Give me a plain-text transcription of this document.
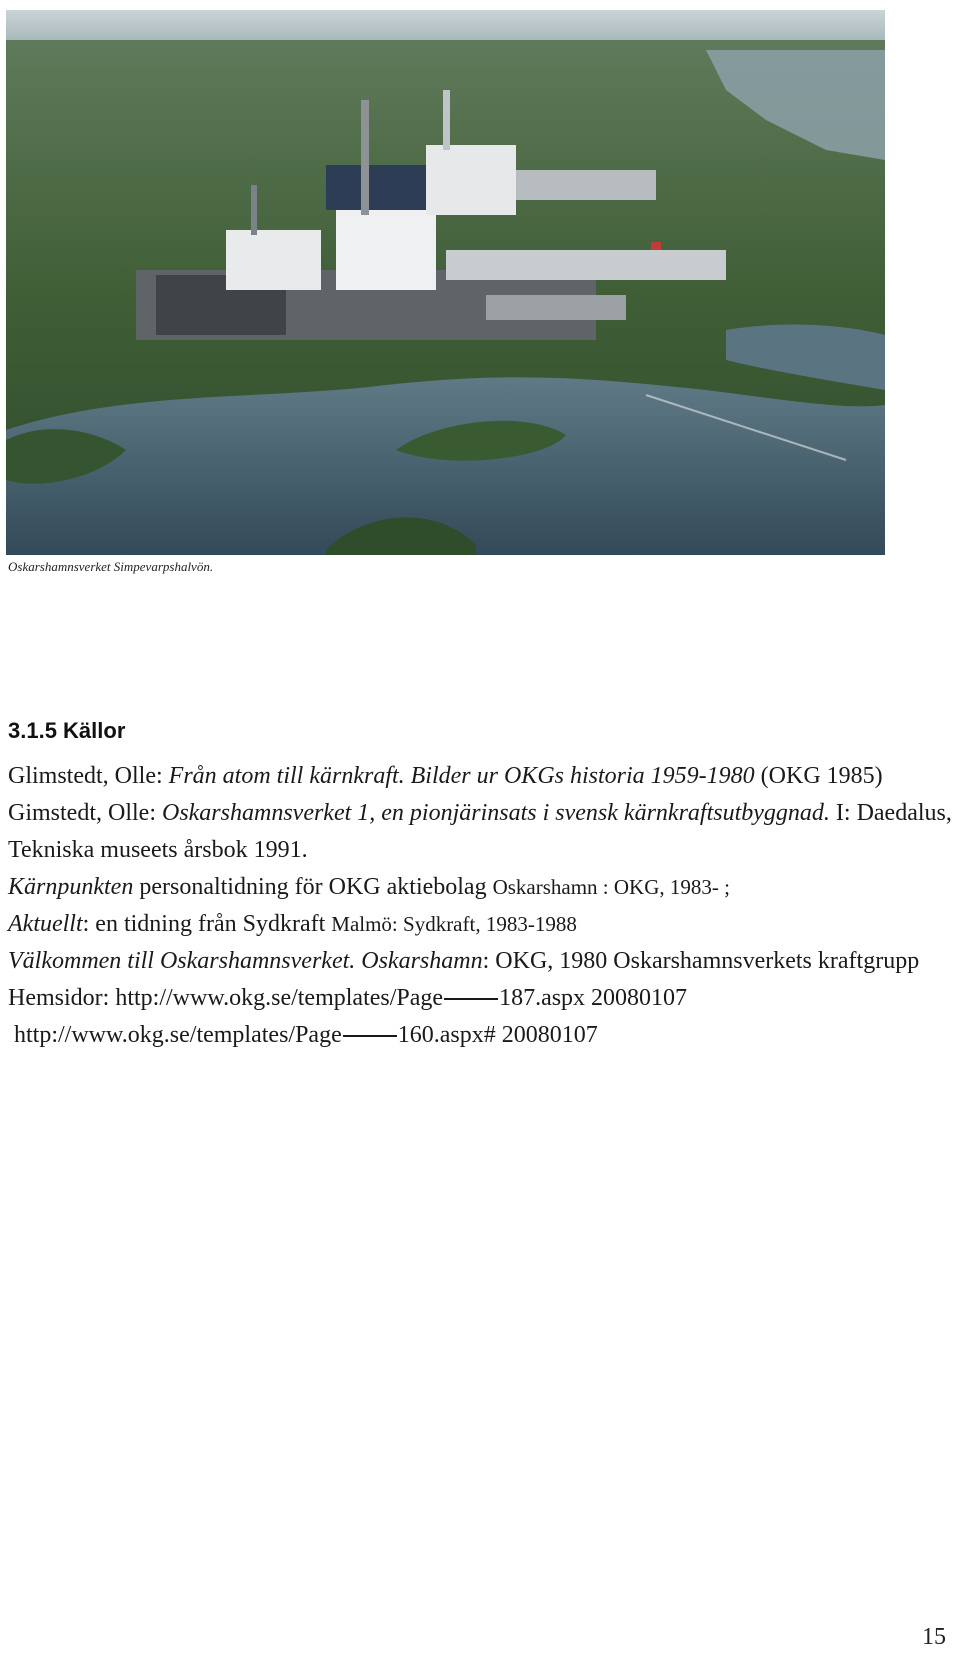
Oskarshamnsverket Simpevarpshalvön.
3.1.5 Källor
Glimstedt, Olle: Från atom till kärnkraft. Bilder ur OKGs historia 1959-1980 (OKG 1985)
Gimstedt, Olle: Oskarshamnsverket 1, en pionjärinsats i svensk kärnkraftsutbyggnad. I: Daedalus, Tekniska museets årsbok 1991.
Kärnpunkten personaltidning för OKG aktiebolag Oskarshamn : OKG, 1983- ;
Aktuellt: en tidning från Sydkraft Malmö: Sydkraft, 1983-1988
Välkommen till Oskarshamnsverket. Oskarshamn: OKG, 1980 Oskarshamnsverkets kraftgrupp
Hemsidor: http://www.okg.se/templates/Page 187.aspx 20080107
http://www.okg.se/templates/Page 160.aspx# 20080107
15
